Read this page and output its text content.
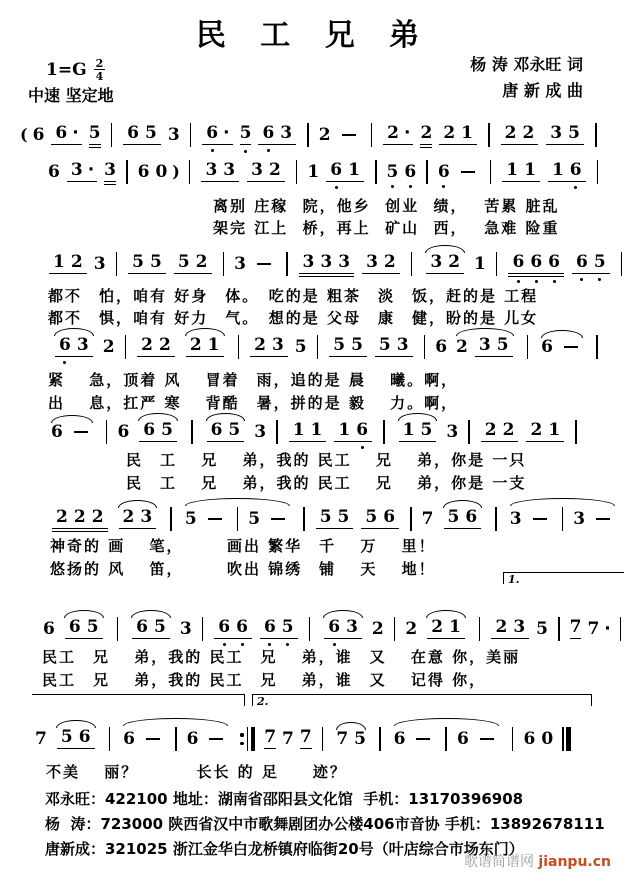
民 工 兄 弟
$1=G \frac{2}{4}$
中速 坚定地
杨 涛 邓永旺 词
唐 新 成 曲
( 6 6 · 5 6 5 3 6 · 5 6 3 2	2 · 2 2 1 2 2 3 5
6 3 · 3 6 0 ) 3 3 3 2 1 6 1 5 6 6	1 1 1 6
1 2 3 5 5 5 2 3	3 3 3 3 2 3 2 1 6 6 6 6 5
6 3 2 2 2 2 1 2 3 5 5 5 5 3 6 2 3 5 6
6	6 6 5 6 5 3 1 1 1 6 1 5 3 2 2 2 1
2 2 2 2 3 5	5	5 5 5 6 7 5 6 3	3
6 6 5 6 5 3 6 6 6 5 6 3 2 2 2 1 2 3 5 7 7 ·
7 5 6 6	6	7 7 7 7 5 6	6	6 0
离别 庄稼  院，他乡  创业  绩，　 苦累 脏乱
架完 江上  桥，再上  矿山  西，　 急难 险重
都不　怕，咱有 好身　体。　吃的是 粗茶　淡　饭，赶的是 工程
都不　惧，咱有 好力　气。　想的是 父母　康　健，盼的是 儿女
紧　 急，顶着 风　 冒着　雨，追的是 晨　 曦。啊，
出　 息，扛严 寒　 背酷　暑，拼的是 毅　 力。啊，
民　工　 兄　 弟，我的 民工　 兄　 弟，你是 一只
民　工　 兄　 弟，我的 民工　 兄　 弟，你是 一支
神奇的 画　 笔，　　　画出 繁华　千　 万　 里！
悠扬的 风　 笛，　　　吹出 锦绣　铺　 天　 地！
民工　兄　 弟，我的 民工　兄　 弟，谁　又　 在意 你，美丽
民工　兄　 弟，我的 民工　兄　 弟，谁　又　 记得 你，
不美　 丽？　　　 长长 的 足　　迹？
1.
2.
邓永旺：422100 地址：湖南省邵阳县文化馆  手机：13170396908
杨  涛：723000 陕西省汉中市歌舞剧团办公楼406市音协 手机：13892678111
唐新成：321025 浙江金华白龙桥镇府临街20号（叶店综合市场东门）
歌谱简谱网 jianpu.cn
